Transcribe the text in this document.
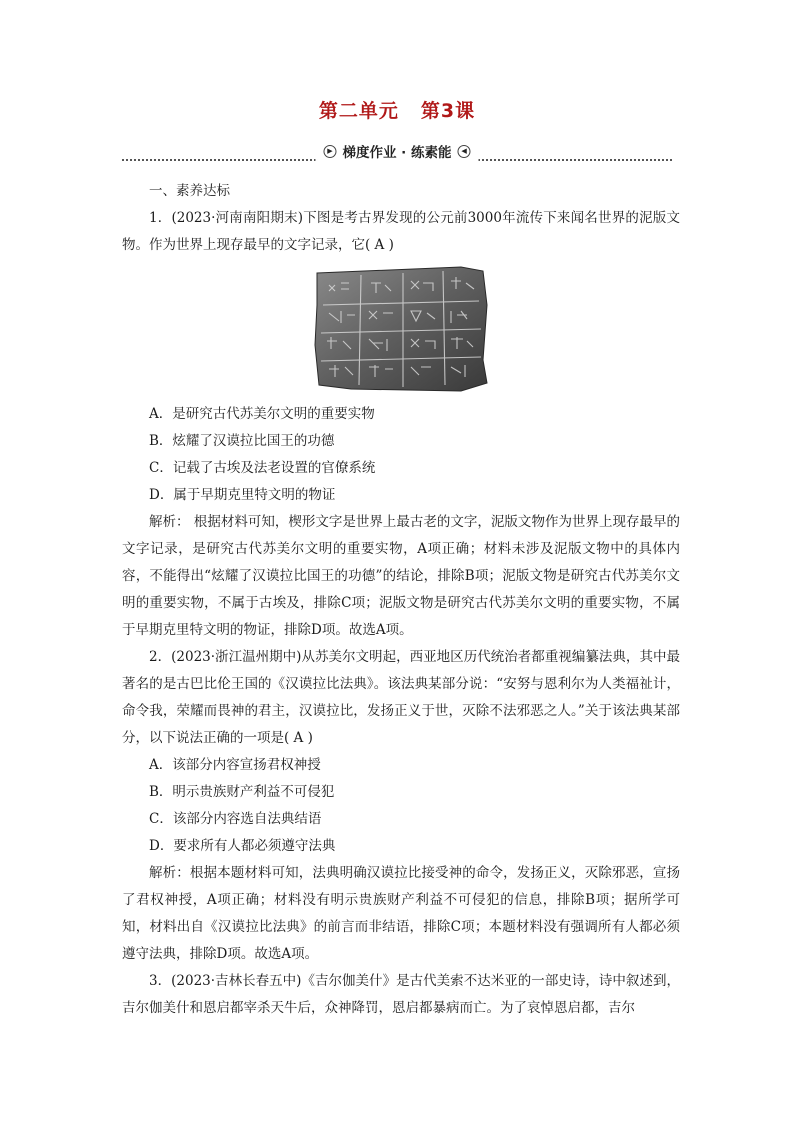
第二单元 第3课
▶ 梯度作业 · 练素能	◀

一、素养达标

1．(2023·河南南阳期末)下图是考古界发现的公元前3000年流传下来闻名世界的泥版文物。作为世界上现存最早的文字记录，它( A )

A．是研究古代苏美尔文明的重要实物

B．炫耀了汉谟拉比国王的功德

C．记载了古埃及法老设置的官僚系统

D．属于早期克里特文明的物证

解析： 根据材料可知，楔形文字是世界上最古老的文字，泥版文物作为世界上现存最早的文字记录，是研究古代苏美尔文明的重要实物，A项正确；材料未涉及泥版文物中的具体内容，不能得出“炫耀了汉谟拉比国王的功德”的结论，排除B项；泥版文物是研究古代苏美尔文明的重要实物，不属于古埃及，排除C项；泥版文物是研究古代苏美尔文明的重要实物，不属于早期克里特文明的物证，排除D项。故选A项。

2．(2023·浙江温州期中)从苏美尔文明起，西亚地区历代统治者都重视编纂法典，其中最著名的是古巴比伦王国的《汉谟拉比法典》。该法典某部分说：“安努与恩利尔为人类福祉计，命令我，荣耀而畏神的君主，汉谟拉比，发扬正义于世，灭除不法邪恶之人。”关于该法典某部分，以下说法正确的一项是( A )

A．该部分内容宣扬君权神授

B．明示贵族财产利益不可侵犯

C．该部分内容选自法典结语

D．要求所有人都必须遵守法典

解析：根据本题材料可知，法典明确汉谟拉比接受神的命令，发扬正义，灭除邪恶，宣扬了君权神授，A项正确；材料没有明示贵族财产利益不可侵犯的信息，排除B项；据所学可知，材料出自《汉谟拉比法典》的前言而非结语，排除C项；本题材料没有强调所有人都必须遵守法典，排除D项。故选A项。

3．(2023·吉林长春五中)《吉尔伽美什》是古代美索不达米亚的一部史诗，诗中叙述到，吉尔伽美什和恩启都宰杀天牛后，众神降罚，恩启都暴病而亡。为了哀悼恩启都，吉尔
